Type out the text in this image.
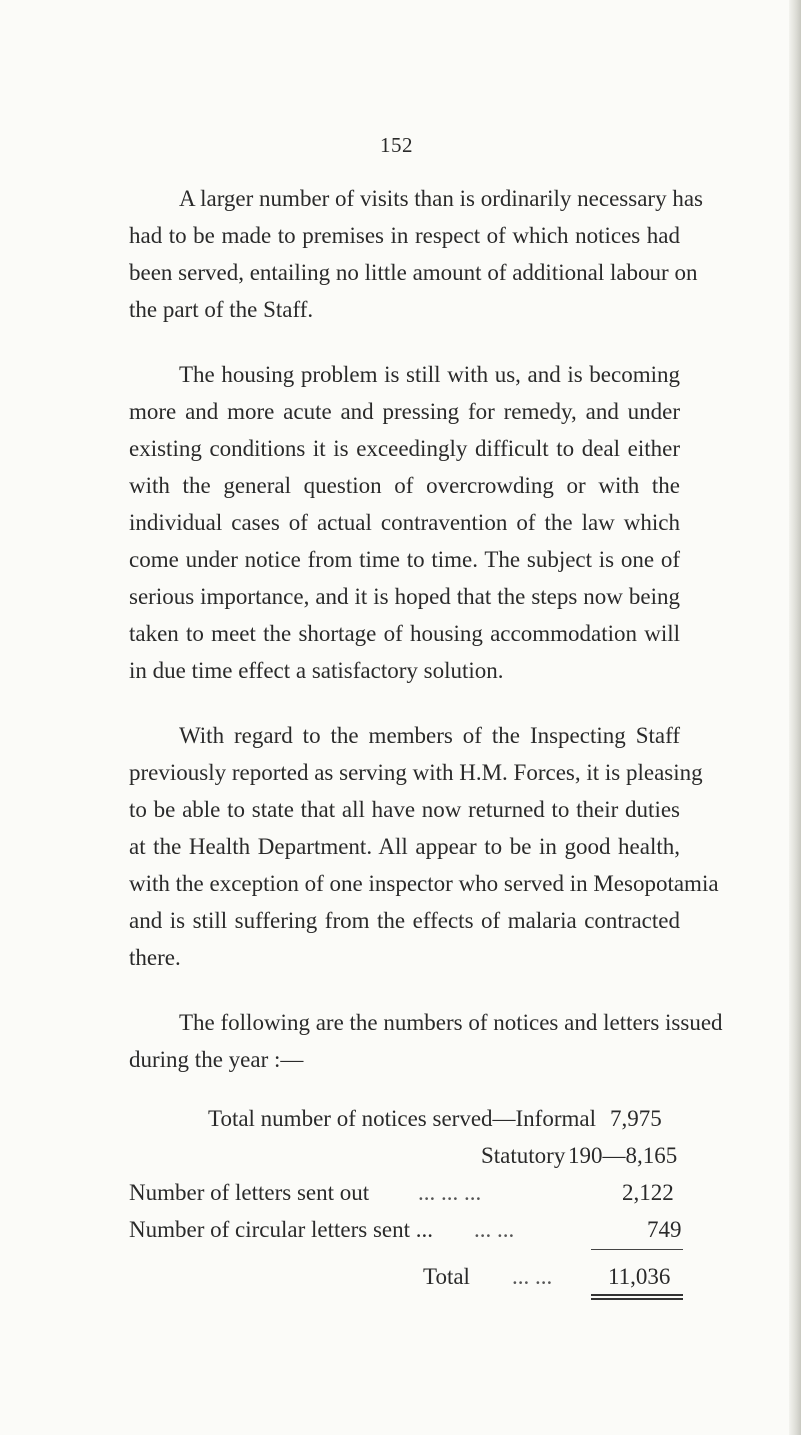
152
A larger number of visits than is ordinarily necessary has
had to be made to premises in respect of which notices had
been served, entailing no little amount of additional labour on
the part of the Staff.
The housing problem is still with us, and is becoming
more and more acute and pressing for remedy, and under
existing conditions it is exceedingly difficult to deal either
with the general question of overcrowding or with the
individual cases of actual contravention of the law which
come under notice from time to time. The subject is one of
serious importance, and it is hoped that the steps now being
taken to meet the shortage of housing accommodation will
in due time effect a satisfactory solution.
With regard to the members of the Inspecting Staff
previously reported as serving with H.M. Forces, it is pleasing
to be able to state that all have now returned to their duties
at the Health Department. All appear to be in good health,
with the exception of one inspector who served in Mesopotamia
and is still suffering from the effects of malaria contracted
there.
The following are the numbers of notices and letters issued
during the year :—
Total number of notices served—Informal 7,975
Statutory 190—8,165
Number of letters sent out ... ... ...	2,122
Number of circular letters sent ... ... ...	749
Total ... ... 11,036
